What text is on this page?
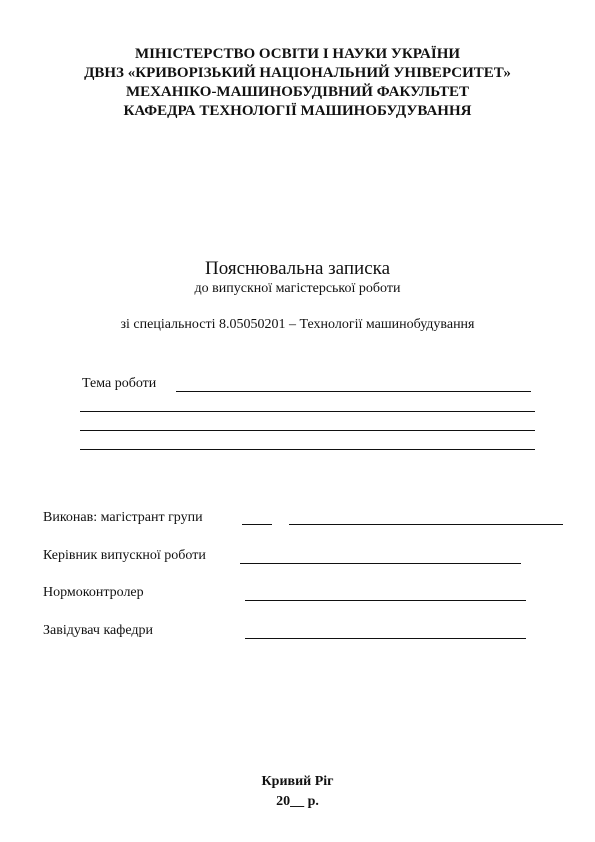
МІНІСТЕРСТВО ОСВІТИ І НАУКИ УКРАЇНИ
ДВНЗ «КРИВОРІЗЬКИЙ НАЦІОНАЛЬНИЙ УНІВЕРСИТЕТ»
МЕХАНІКО-МАШИНОБУДІВНИЙ ФАКУЛЬТЕТ
КАФЕДРА ТЕХНОЛОГІЇ МАШИНОБУДУВАННЯ
Пояснювальна записка
до випускної магістерської роботи
зі спеціальності 8.05050201 – Технології машинобудування
Тема роботи
Виконав: магістрант групи
Керівник випускної роботи
Нормоконтролер
Завідувач кафедри
Кривий Ріг
20__ р.
